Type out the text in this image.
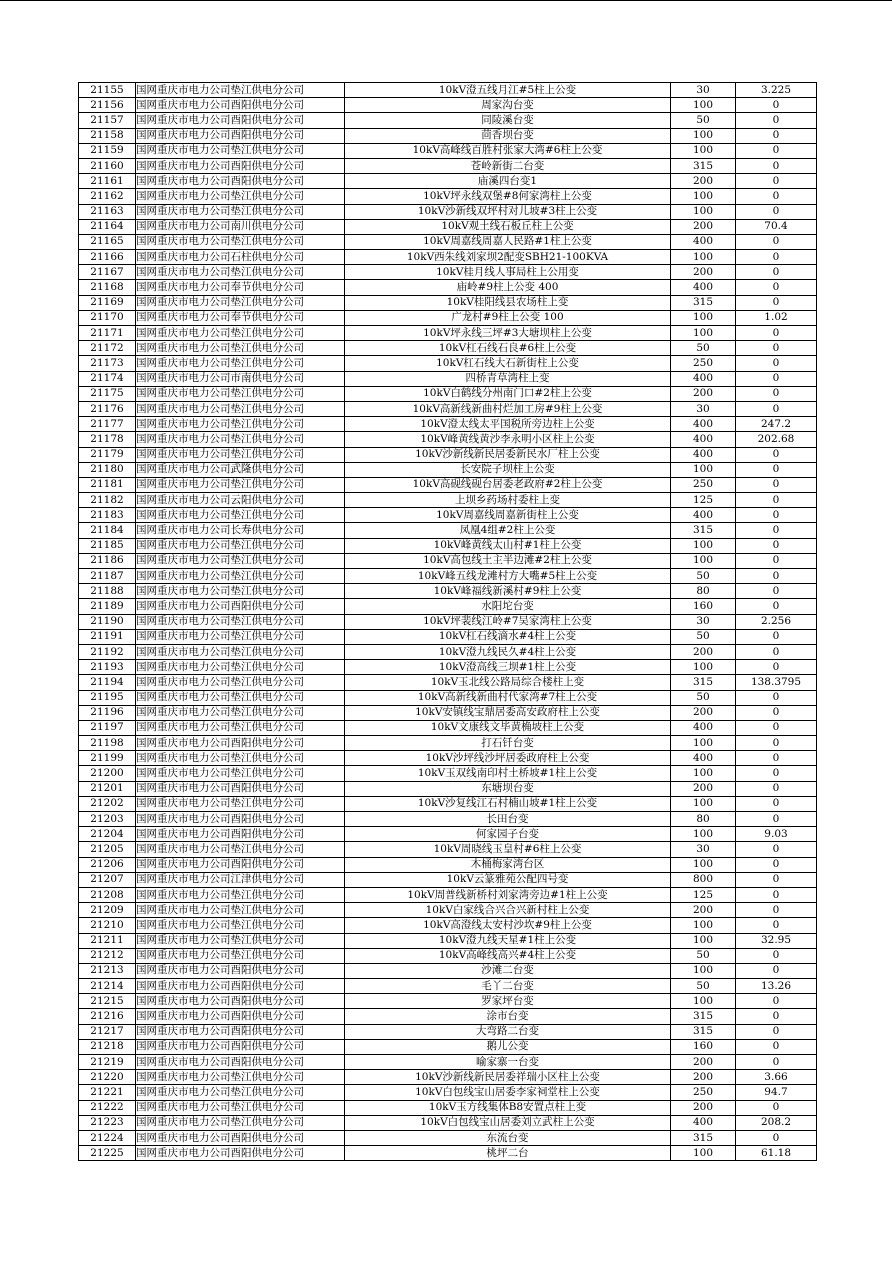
21155	国网重庆市电力公司垫江供电分公司	10kV澄五线月江#5柱上公变	30	3.225
21156	国网重庆市电力公司酉阳供电分公司	周家沟台变	100	0
21157	国网重庆市电力公司酉阳供电分公司	同陵溪台变	50	0
21158	国网重庆市电力公司酉阳供电分公司	茴香坝台变	100	0
21159	国网重庆市电力公司垫江供电分公司	10kV高峰线百胜村张家大湾#6柱上公变	100	0
21160	国网重庆市电力公司酉阳供电分公司	苍岭新街二台变	315	0
21161	国网重庆市电力公司酉阳供电分公司	庙溪四台变1	200	0
21162	国网重庆市电力公司垫江供电分公司	10kV坪永线双堡#8何家湾柱上公变	100	0
21163	国网重庆市电力公司垫江供电分公司	10kV沙新线双坪村对儿坡#3柱上公变	100	0
21164	国网重庆市电力公司南川供电分公司	10kV观土线石板丘柱上公变	200	70.4
21165	国网重庆市电力公司垫江供电分公司	10kV周嘉线周嘉人民路#1柱上公变	400	0
21166	国网重庆市电力公司石柱供电分公司	10kV西朱线刘家坝2配变SBH21-100KVA	100	0
21167	国网重庆市电力公司垫江供电分公司	10kV桂月线人事局柱上公用变	200	0
21168	国网重庆市电力公司奉节供电分公司	庙岭#9柱上公变 400	400	0
21169	国网重庆市电力公司垫江供电分公司	10kV桂阳线县农场柱上变	315	0
21170	国网重庆市电力公司奉节供电分公司	广龙村#9柱上公变 100	100	1.02
21171	国网重庆市电力公司垫江供电分公司	10kV坪永线三坪#3大塘坝柱上公变	100	0
21172	国网重庆市电力公司垫江供电分公司	10kV杠石线石良#6柱上公变	50	0
21173	国网重庆市电力公司垫江供电分公司	10kV杠石线大石新街柱上公变	250	0
21174	国网重庆市电力公司市南供电分公司	四桥青草湾柱上变	400	0
21175	国网重庆市电力公司垫江供电分公司	10kV白鹤线分州南门口#2柱上公变	200	0
21176	国网重庆市电力公司垫江供电分公司	10kV高新线新曲村烂加工房#9柱上公变	30	0
21177	国网重庆市电力公司垫江供电分公司	10kV澄太线太平国税所旁边柱上公变	400	247.2
21178	国网重庆市电力公司垫江供电分公司	10kV峰黄线黄沙李永明小区柱上公变	400	202.68
21179	国网重庆市电力公司垫江供电分公司	10kV沙新线新民居委新民水厂柱上公变	400	0
21180	国网重庆市电力公司武隆供电分公司	长安院子坝柱上公变	100	0
21181	国网重庆市电力公司垫江供电分公司	10kV高砚线砚台居委老政府#2柱上公变	250	0
21182	国网重庆市电力公司云阳供电分公司	上坝乡药场村委柱上变	125	0
21183	国网重庆市电力公司垫江供电分公司	10kV周嘉线周嘉新街柱上公变	400	0
21184	国网重庆市电力公司长寿供电分公司	凤凰4组#2柱上公变	315	0
21185	国网重庆市电力公司垫江供电分公司	10kV峰黄线太山村#1柱上公变	100	0
21186	国网重庆市电力公司垫江供电分公司	10kV高包线土主半边滩#2柱上公变	100	0
21187	国网重庆市电力公司垫江供电分公司	10kV峰五线龙滩村方大嘴#5柱上公变	50	0
21188	国网重庆市电力公司垫江供电分公司	10kV峰福线新溪村#9柱上公变	80	0
21189	国网重庆市电力公司酉阳供电分公司	水阳坨台变	160	0
21190	国网重庆市电力公司垫江供电分公司	10kV坪裴线江岭#7吴家湾柱上公变	30	2.256
21191	国网重庆市电力公司垫江供电分公司	10kV杠石线滴水#4柱上公变	50	0
21192	国网重庆市电力公司垫江供电分公司	10kV澄九线民久#4柱上公变	200	0
21193	国网重庆市电力公司垫江供电分公司	10kV澄高线三坝#1柱上公变	100	0
21194	国网重庆市电力公司垫江供电分公司	10kV玉北线公路局综合楼柱上变	315	138.3795
21195	国网重庆市电力公司垫江供电分公司	10kV高新线新曲村代家湾#7柱上公变	50	0
21196	国网重庆市电力公司垫江供电分公司	10kV安镇线宝鼎居委高安政府柱上公变	200	0
21197	国网重庆市电力公司垫江供电分公司	10kV文康线文毕黄桷坡柱上公变	400	0
21198	国网重庆市电力公司酉阳供电分公司	打石钎台变	100	0
21199	国网重庆市电力公司垫江供电分公司	10kV沙坪线沙坪居委政府柱上公变	400	0
21200	国网重庆市电力公司垫江供电分公司	10kV玉双线南印村土桥坡#1柱上公变	100	0
21201	国网重庆市电力公司酉阳供电分公司	东塘坝台变	200	0
21202	国网重庆市电力公司垫江供电分公司	10kV沙复线江石村楠山坡#1柱上公变	100	0
21203	国网重庆市电力公司酉阳供电分公司	长田台变	80	0
21204	国网重庆市电力公司酉阳供电分公司	何家园子台变	100	9.03
21205	国网重庆市电力公司垫江供电分公司	10kV周晓线玉皇村#6柱上公变	30	0
21206	国网重庆市电力公司酉阳供电分公司	木桶梅家湾台区	100	0
21207	国网重庆市电力公司江津供电分公司	10kV云篆雅苑公配四号变	800	0
21208	国网重庆市电力公司垫江供电分公司	10kV周普线新桥村刘家湾旁边#1柱上公变	125	0
21209	国网重庆市电力公司垫江供电分公司	10kV白家线合兴合兴新村柱上公变	200	0
21210	国网重庆市电力公司垫江供电分公司	10kV高澄线太安村沙坎#9柱上公变	100	0
21211	国网重庆市电力公司垫江供电分公司	10kV澄九线天星#1柱上公变	100	32.95
21212	国网重庆市电力公司垫江供电分公司	10kV高峰线高兴#4柱上公变	50	0
21213	国网重庆市电力公司酉阳供电分公司	沙滩二台变	100	0
21214	国网重庆市电力公司酉阳供电分公司	毛丫二台变	50	13.26
21215	国网重庆市电力公司酉阳供电分公司	罗家坪台变	100	0
21216	国网重庆市电力公司酉阳供电分公司	涂市台变	315	0
21217	国网重庆市电力公司酉阳供电分公司	大弯路二台变	315	0
21218	国网重庆市电力公司酉阳供电分公司	鹅儿公变	160	0
21219	国网重庆市电力公司酉阳供电分公司	喻家寨一台变	200	0
21220	国网重庆市电力公司垫江供电分公司	10kV沙新线新民居委祥瑞小区柱上公变	200	3.66
21221	国网重庆市电力公司垫江供电分公司	10kV白包线宝山居委李家祠堂柱上公变	250	94.7
21222	国网重庆市电力公司垫江供电分公司	10kV玉方线集体B8安置点柱上变	200	0
21223	国网重庆市电力公司垫江供电分公司	10kV白包线宝山居委刘立武柱上公变	400	208.2
21224	国网重庆市电力公司酉阳供电分公司	东流台变	315	0
21225	国网重庆市电力公司酉阳供电分公司	桃坪二台	100	61.18
